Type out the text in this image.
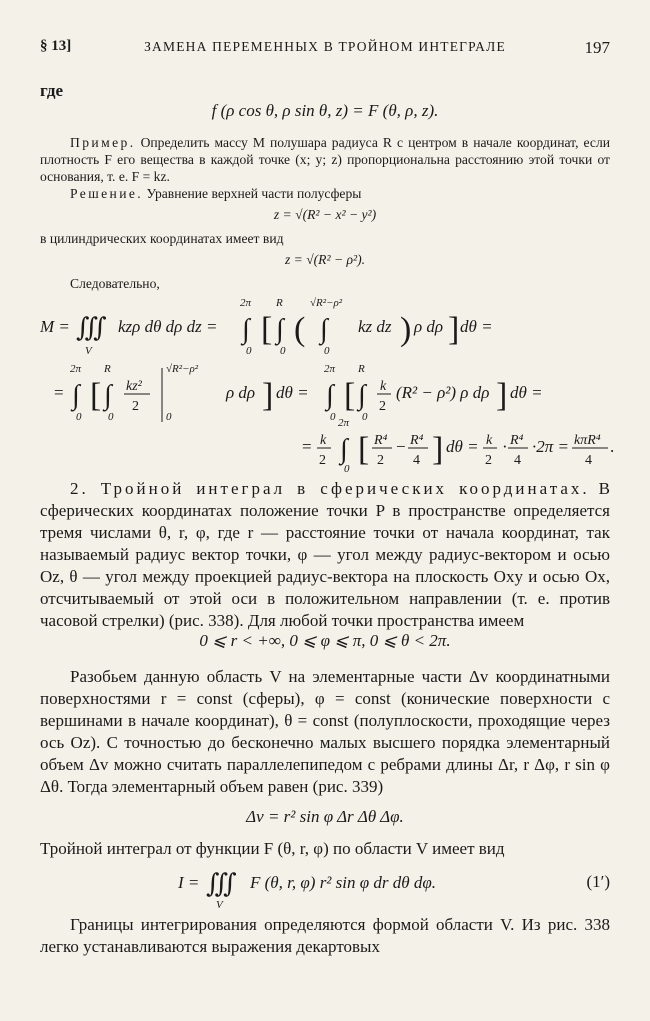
§ 13]	ЗАМЕНА ПЕРЕМЕННЫХ В ТРОЙНОМ ИНТЕГРАЛЕ	197
где
f (ρ cos θ, ρ sin θ, z) = F (θ, ρ, z).
Пример. Определить массу M полушара радиуса R с центром в начале координат, если плотность F его вещества в каждой точке (x; y; z) пропорциональна расстоянию этой точки от основания, т. е. F = kz.
Решение. Уравнение верхней части полусферы
z = √(R² − x² − y²)
в цилиндрических координатах имеет вид
z = √(R² − ρ²).
Следовательно,
M = ∭
V
kzρ dθ dρ dz =
2π
∫
0
[
R
∫
0
(
√R²−ρ²
∫
0
kz dz ) ρ dρ ] dθ =
=
2π
∫
0
[
R
∫
0
kz²
2
√R²−ρ²
0
ρ dρ ] dθ =
2π
∫
0
[
R
∫
0
k
2
(R² − ρ²) ρ dρ ] dθ =
= k
2
2π
∫
0
[ R⁴
2
− R⁴
4 ] dθ = k
2
· R⁴
4
·2π = kπR⁴
4
.
2. Тройной интеграл в сферических координатах. В сферических координатах положение точки P в пространстве определяется тремя числами θ, r, φ, где r — расстояние точки от начала координат, так называемый радиус вектор точки, φ — угол между радиус-вектором и осью Oz, θ — угол между проекцией радиус-вектора на плоскость Oxy и осью Ox, отсчитываемый от этой оси в положительном направлении (т. е. против часовой стрелки) (рис. 338). Для любой точки пространства имеем
0 ⩽ r < +∞, 0 ⩽ φ ⩽ π, 0 ⩽ θ < 2π.
Разобьем данную область V на элементарные части Δv координатными поверхностями r = const (сферы), φ = const (конические поверхности с вершинами в начале координат), θ = const (полуплоскости, проходящие через ось Oz). С точностью до бесконечно малых высшего порядка элементарный объем Δv можно считать параллелепипедом с ребрами длины Δr, r Δφ, r sin φ Δθ. Тогда элементарный объем равен (рис. 339)
Δv = r² sin φ Δr Δθ Δφ.
Тройной интеграл от функции F (θ, r, φ) по области V имеет вид
I = ∭
V
F (θ, r, φ) r² sin φ dr dθ dφ.	(1′)
Границы интегрирования определяются формой области V. Из рис. 338 легко устанавливаются выражения декартовых
